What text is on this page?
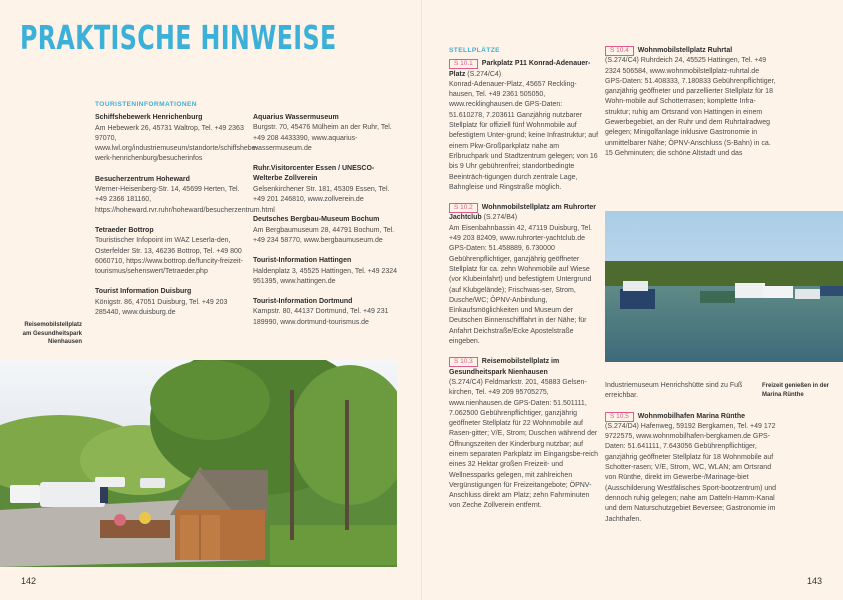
PRAKTISCHE HINWEISE
TOURISTENINFORMATIONEN
Schiffshebewerk Henrichenburg
Am Hebewerk 26, 45731 Waltrop, Tel. +49 2363 97070, www.lwl.org/industriemuseum/standorte/schiffshebe-werk-henrichenburg/besucherinfos
Besucherzentrum Hoheward
Werner-Heisenberg-Str. 14, 45699 Herten, Tel. +49 2366 181160, https://hoheward.rvr.ruhr/hoheward/besucherzentrum.html
Tetraeder Bottrop
Touristischer Infopoint im WAZ Leserla-den, Osterfelder Str. 13, 46236 Bottrop, Tel. +49 800 6060710, https://www.bottrop.de/funcity-freizeit-tourismus/sehenswert/Tetraeder.php
Tourist Information Duisburg
Königstr. 86, 47051 Duisburg, Tel. +49 203 285440, www.duisburg.de
Aquarius Wassermuseum
Burgstr. 70, 45476 Mülheim an der Ruhr, Tel. +49 208 4433390, www.aquarius-wassermuseum.de
Ruhr.Visitorcenter Essen / UNESCO-Welterbe Zollverein
Gelsenkirchener Str. 181, 45309 Essen, Tel. +49 201 246810, www.zollverein.de
Deutsches Bergbau-Museum Bochum
Am Bergbaumuseum 28, 44791 Bochum, Tel. +49 234 58770, www.bergbaumuseum.de
Tourist-Information Hattingen
Haldenplatz 3, 45525 Hattingen, Tel. +49 2324 951395, www.hattingen.de
Tourist-Information Dortmund
Kampstr. 80, 44137 Dortmund, Tel. +49 231 189990, www.dortmund-tourismus.de
Reisemobilstellplatz am Gesundheitspark Nienhausen
142
STELLPLÄTZE
S 10.1 Parkplatz P11 Konrad-Adenauer-Platz (S.274/C4)
Konrad-Adenauer-Platz, 45657 Reckling-hausen, Tel. +49 2361 505050, www.recklinghausen.de GPS-Daten: 51.610278, 7.203611 Ganzjährig nutzbarer Stellplatz für offiziell fünf Wohnmobile auf befestigtem Unter-grund; keine Infrastruktur; auf einem Pkw-Großparkplatz nahe am Erlbruchpark und Stadtzentrum gelegen; von 16 bis 9 Uhr gebührenfrei; standortbedingte Beeinträch-tigungen durch zentrale Lage, Bahngleise und Ringstraße möglich.
S 10.2 Wohnmobilstellplatz am Ruhrorter Jachtclub (S.274/B4)
Am Eisenbahnbassin 42, 47119 Duisburg, Tel. +49 203 82409, www.ruhrorter-yachtclub.de GPS-Daten: 51.458889, 6.730000 Gebührenpflichtiger, ganzjährig geöffneter Stellplatz für ca. zehn Wohnmobile auf Wiese (vor Klubeinfahrt) und befestigtem Untergrund (auf Klubgelände); Frischwas-ser, Strom, Dusche/WC; ÖPNV-Anbindung, Einkaufsmöglichkeiten und Museum der Deutschen Binnenschifffahrt in der Nähe; für Anfahrt Deichstraße/Ecke Apostelstraße eingeben.
S 10.3 Reisemobilstellplatz im Gesundheitspark Nienhausen
(S.274/C4) Feldmarkstr. 201, 45883 Gelsen-kirchen, Tel. +49 209 95705275, www.nienhausen.de GPS-Daten: 51.501111, 7.062500 Gebührenpflichtiger, ganzjährig geöffneter Stellplatz für 22 Wohnmobile auf Rasen-gitter; V/E, Strom; Duschen während der Öffnungszeiten der Kinderburg nutzbar; auf einem separaten Parkplatz im Eingangsbe-reich eines 32 Hektar großen Freizeit- und Wellnessparks gelegen, mit zahlreichen Vergünstigungen für Freizeitangebote; ÖPNV-Anschluss direkt am Platz; zehn Fahrminuten von Zeche Zollverein entfernt.
S 10.4 Wohnmobilstellplatz Ruhrtal
(S.274/C4) Ruhrdeich 24, 45525 Hattingen, Tel. +49 2324 506584, www.wohnmobilstellplatz-ruhrtal.de GPS-Daten: 51.408333, 7.180833 Gebührenpflichtiger, ganzjährig geöffneter und parzellierter Stellplatz für 18 Wohn-mobile auf Schotterrasen; komplette Infra-struktur; ruhig am Ortsrand von Hattingen in einem Gewerbegebiet, an der Ruhr und dem Ruhrtalradweg gelegen; Minigolfanlage inklusive Gastronomie in unmittelbarer Nähe; ÖPNV-Anschluss (S-Bahn) in ca. 15 Gehminuten; die schöne Altstadt und das
Industriemuseum Henrichshütte sind zu Fuß erreichbar.
S 10.5 Wohnmobilhafen Marina Rünthe
(S.274/D4) Hafenweg, 59192 Bergkamen, Tel. +49 172 9722575, www.wohnmobilhafen-bergkamen.de GPS-Daten: 51.641111, 7.643056 Gebührenpflichtiger, ganzjährig geöffneter Stellplatz für 18 Wohnmobile auf Schotter-rasen; V/E, Strom, WC, WLAN; am Ortsrand von Rünthe, direkt im Gewerbe-/Marinage-biet (Ausschilderung Westfälisches Sport-bootzentrum) und dennoch ruhig gelegen; nahe am Datteln-Hamm-Kanal und dem Naturschutzgebiet Beversee; Gastronomie im Jachthafen.
Freizeit genießen in der Marina Rünthe
143
